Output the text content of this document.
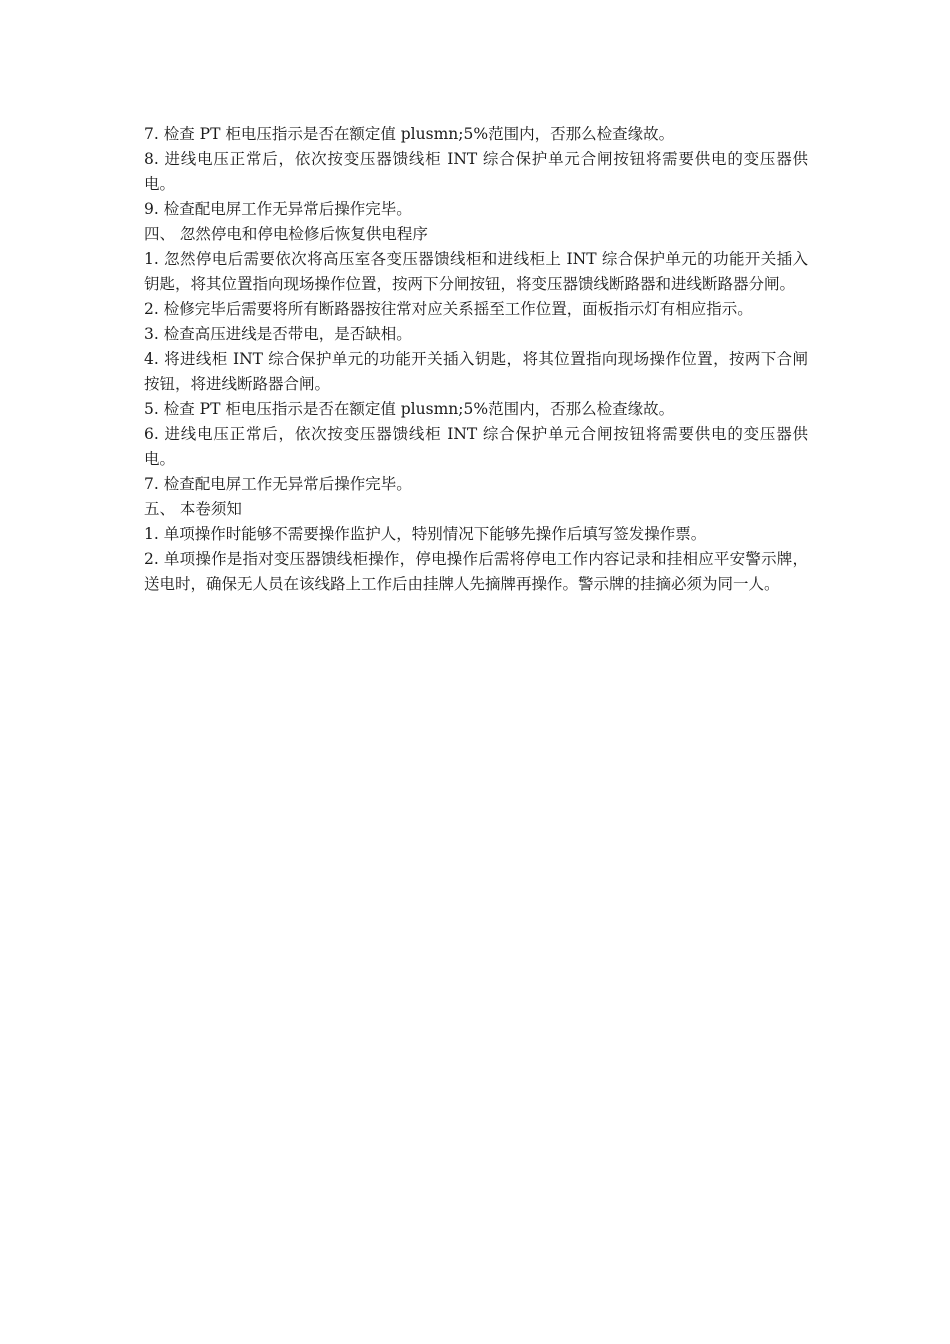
7. 检查 PT 柜电压指示是否在额定值 plusmn;5%范围内，否那么检查缘故。

8. 进线电压正常后，依次按变压器馈线柜 INT 综合保护单元合闸按钮将需要供电的变压器供电。

9. 检查配电屏工作无异常后操作完毕。

四、 忽然停电和停电检修后恢复供电程序

1. 忽然停电后需要依次将高压室各变压器馈线柜和进线柜上 INT 综合保护单元的功能开关插入钥匙，将其位置指向现场操作位置，按两下分闸按钮，将变压器馈线断路器和进线断路器分闸。

2. 检修完毕后需要将所有断路器按往常对应关系摇至工作位置，面板指示灯有相应指示。

3. 检查高压进线是否带电，是否缺相。

4. 将进线柜 INT 综合保护单元的功能开关插入钥匙，将其位置指向现场操作位置，按两下合闸按钮，将进线断路器合闸。

5. 检查 PT 柜电压指示是否在额定值 plusmn;5%范围内，否那么检查缘故。

6. 进线电压正常后，依次按变压器馈线柜 INT 综合保护单元合闸按钮将需要供电的变压器供电。

7. 检查配电屏工作无异常后操作完毕。

五、 本卷须知

1. 单项操作时能够不需要操作监护人，特别情况下能够先操作后填写签发操作票。

2. 单项操作是指对变压器馈线柜操作，停电操作后需将停电工作内容记录和挂相应平安警示牌，送电时，确保无人员在该线路上工作后由挂牌人先摘牌再操作。警示牌的挂摘必须为同一人。
